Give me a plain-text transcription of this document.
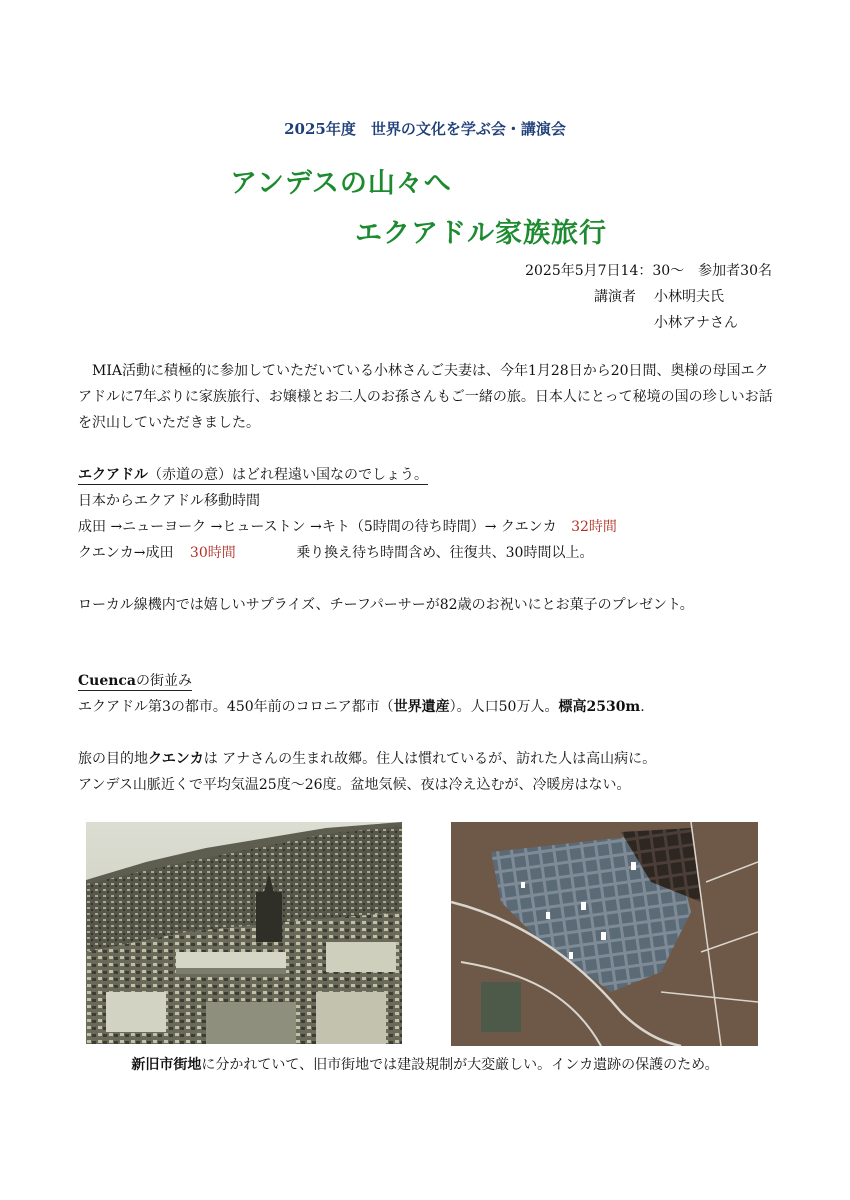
2025年度　世界の文化を学ぶ会・講演会
アンデスの山々へ
エクアドル家族旅行
2025年5月7日14：30～　参加者30名
講演者 小林明夫氏
小林アナさん
MIA活動に積極的に参加していただいている小林さんご夫妻は、今年1月28日から20日間、奥様の母国エクアドルに7年ぶりに家族旅行、お嬢様とお二人のお孫さんもご一緒の旅。日本人にとって秘境の国の珍しいお話を沢山していただきました。
エクアドル（赤道の意）はどれ程遠い国なのでしょう。
日本からエクアドル移動時間
成田 →ニューヨーク →ヒューストン →キト（5時間の待ち時間）→ クエンカ 32時間
クエンカ→成田 30時間	乗り換え待ち時間含め、往復共、30時間以上。
ローカル線機内では嬉しいサプライズ、チーフパーサーが82歳のお祝いにとお菓子のプレゼント。
Cuencaの街並み
エクアドル第3の都市。450年前のコロニア都市（世界遺産）。人口50万人。標高2530m.
旅の目的地クエンカは アナさんの生まれ故郷。住人は慣れているが、訪れた人は高山病に。
アンデス山脈近くで平均気温25度～26度。盆地気候、夜は冷え込むが、冷暖房はない。
新旧市街地に分かれていて、旧市街地では建設規制が大変厳しい。インカ遺跡の保護のため。
